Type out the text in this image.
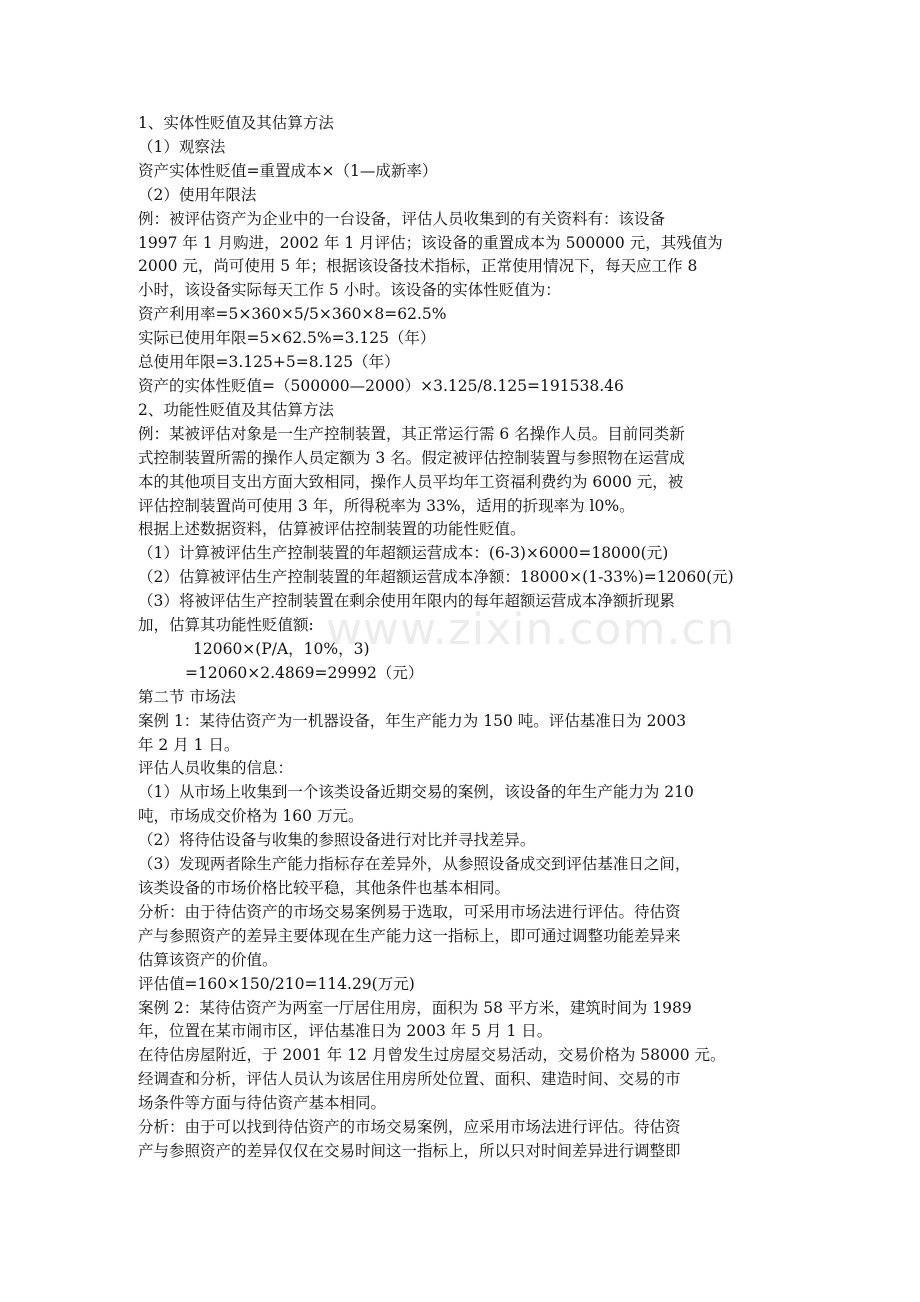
1、实体性贬值及其估算方法
（1）观察法
资产实体性贬值=重置成本×（1—成新率）
（2）使用年限法
例：被评估资产为企业中的一台设备，评估人员收集到的有关资料有：该设备
1997 年 1 月购进，2002 年 1 月评估；该设备的重置成本为 500000 元，其残值为
2000 元，尚可使用 5 年；根据该设备技术指标，正常使用情况下，每天应工作 8
小时，该设备实际每天工作 5 小时。该设备的实体性贬值为：
资产利用率=5×360×5/5×360×8=62.5%
实际已使用年限=5×62.5%=3.125（年）
总使用年限=3.125+5=8.125（年）
资产的实体性贬值=（500000—2000）×3.125/8.125=191538.46
2、功能性贬值及其估算方法
例：某被评估对象是一生产控制装置，其正常运行需 6 名操作人员。目前同类新
式控制装置所需的操作人员定额为 3 名。假定被评估控制装置与参照物在运营成
本的其他项目支出方面大致相同，操作人员平均年工资福利费约为 6000 元，被
评估控制装置尚可使用 3 年，所得税率为 33%，适用的折现率为 l0%。
根据上述数据资料，估算被评估控制装置的功能性贬值。
（1）计算被评估生产控制装置的年超额运营成本：(6-3)×6000=18000(元)
（2）估算被评估生产控制装置的年超额运营成本净额：18000×(1-33%)=12060(元)
（3）将被评估生产控制装置在剩余使用年限内的每年超额运营成本净额折现累
加，估算其功能性贬值额:
12060×(P/A，10%，3)
=12060×2.4869=29992（元）
第二节 市场法
案例 1：某待估资产为一机器设备，年生产能力为 150 吨。评估基准日为 2003
年 2 月 1 日。
评估人员收集的信息：
（1）从市场上收集到一个该类设备近期交易的案例，该设备的年生产能力为 210
吨，市场成交价格为 160 万元。
（2）将待估设备与收集的参照设备进行对比并寻找差异。
（3）发现两者除生产能力指标存在差异外，从参照设备成交到评估基准日之间，
该类设备的市场价格比较平稳，其他条件也基本相同。
分析：由于待估资产的市场交易案例易于选取，可采用市场法进行评估。待估资
产与参照资产的差异主要体现在生产能力这一指标上，即可通过调整功能差异来
估算该资产的价值。
评估值=160×150/210=114.29(万元)
案例 2：某待估资产为两室一厅居住用房，面积为 58 平方米，建筑时间为 1989
年，位置在某市闹市区，评估基准日为 2003 年 5 月 1 日。
在待估房屋附近，于 2001 年 12 月曾发生过房屋交易活动，交易价格为 58000 元。
经调查和分析，评估人员认为该居住用房所处位置、面积、建造时间、交易的市
场条件等方面与待估资产基本相同。
分析：由于可以找到待估资产的市场交易案例，应采用市场法进行评估。待估资
产与参照资产的差异仅仅在交易时间这一指标上，所以只对时间差异进行调整即
www.zixin.com.cn
